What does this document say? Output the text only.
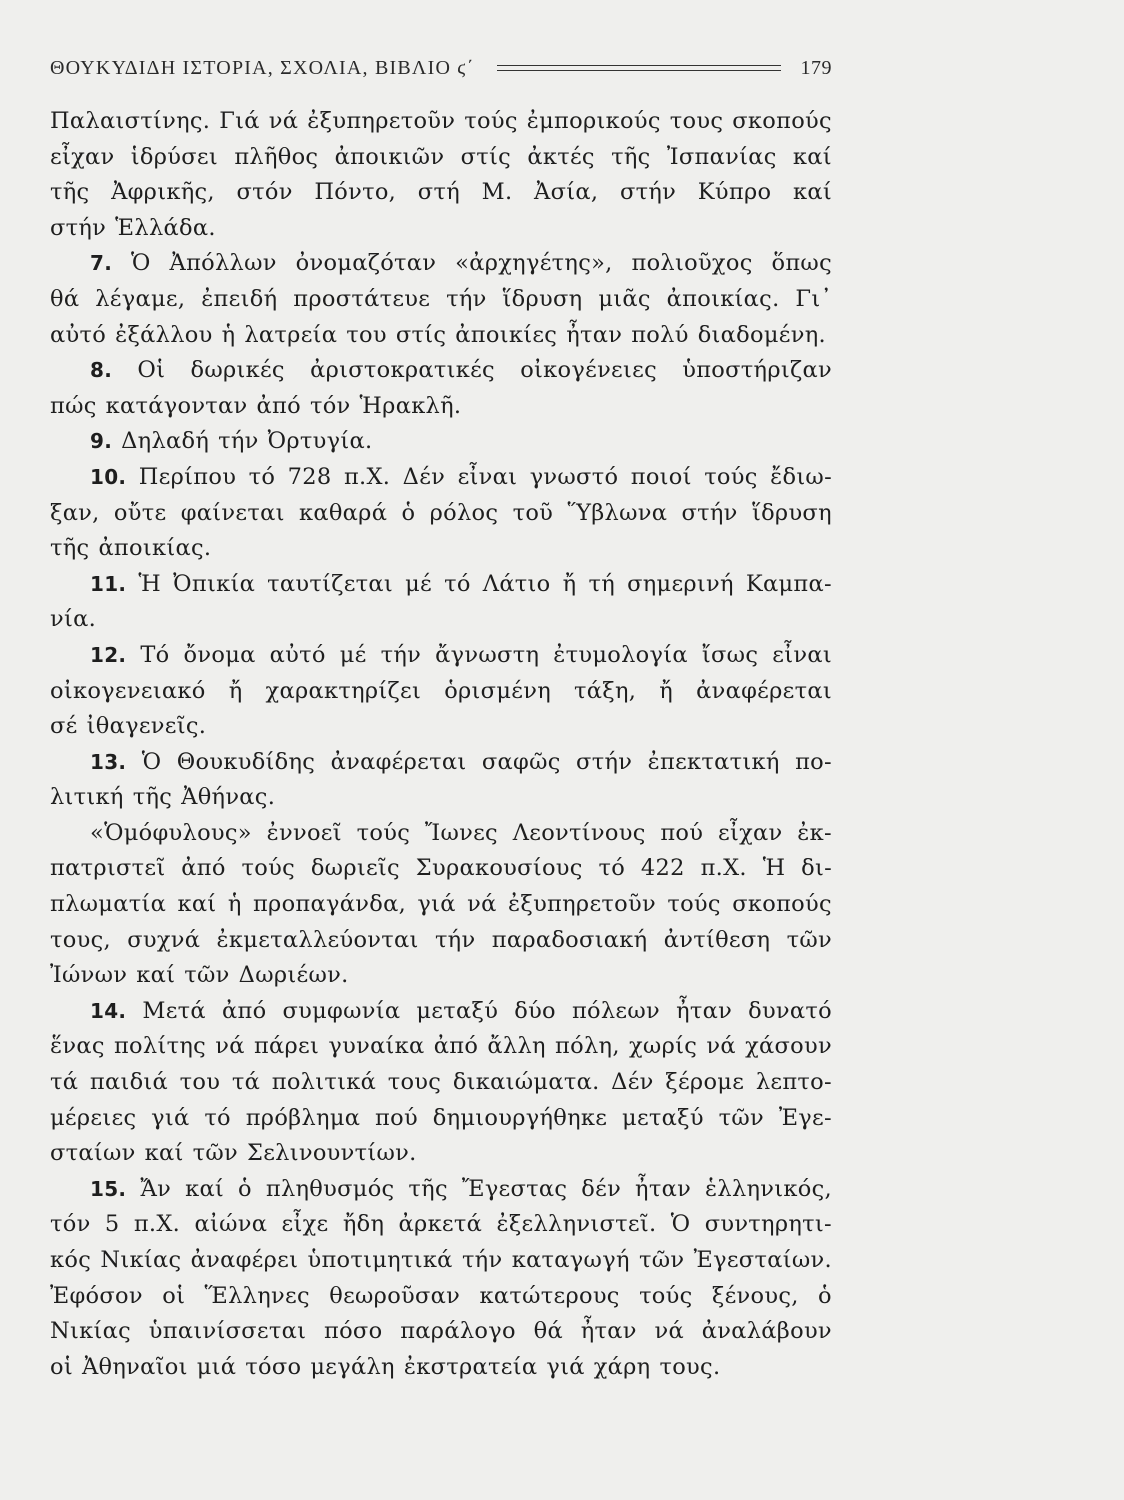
ΘΟΥΚΥΔΙΔΗ ΙΣΤΟΡΙΑ, ΣΧΟΛΙΑ, ΒΙΒΛΙΟ ϛ΄	179
Παλαιστίνης. Γιά νά ἐξυπηρετοῦν τούς ἐμπορικούς τους σκοπούς
εἶχαν ἱδρύσει πλῆθος ἀποικιῶν στίς ἀκτές τῆς Ἰσπανίας καί
τῆς Ἀφρικῆς, στόν Πόντο, στή Μ. Ἀσία, στήν Κύπρο καί
στήν
Ἑλλάδα.
7. Ὁ Ἀπόλλων ὀνομαζόταν «ἀρχηγέτης», πολιοῦχος ὅπως
θά λέγαμε, ἐπειδή προστάτευε τήν ἵδρυση μιᾶς ἀποικίας. Γι᾿
αὐτό
ἐξάλλου
ἡ
λατρεία
του
στίς
ἀποικίες
ἦταν
πολύ
διαδομένη.
8. Οἱ δωρικές ἀριστοκρατικές οἰκογένειες ὑποστήριζαν
πώς
κατάγονταν
ἀπό
τόν
Ἡρακλῆ.
9.
Δηλαδή
τήν
Ὀρτυγία.
10. Περίπου τό 728 π.Χ. Δέν εἶναι γνωστό ποιοί τούς ἔδιω-
ξαν, οὔτε φαίνεται καθαρά ὁ ρόλος τοῦ Ὕβλωνα στήν ἵδρυση
τῆς
ἀποικίας.
11. Ἡ Ὀπικία ταυτίζεται μέ τό Λάτιο ἤ τή σημερινή Καμπα-
νία.
12. Τό ὄνομα αὐτό μέ τήν ἄγνωστη ἐτυμολογία ἴσως εἶναι
οἰκογενειακό ἤ χαρακτηρίζει ὁρισμένη τάξη, ἤ ἀναφέρεται
σέ
ἰθαγενεῖς.
13. Ὁ Θουκυδίδης ἀναφέρεται σαφῶς στήν ἐπεκτατική πο-
λιτική
τῆς
Ἀθήνας.
«Ὁμόφυλους» ἐννοεῖ τούς Ἴωνες Λεοντίνους πού εἶχαν ἐκ-
πατριστεῖ ἀπό τούς δωριεῖς Συρακουσίους τό 422 π.Χ. Ἡ δι-
πλωματία καί ἡ προπαγάνδα, γιά νά ἐξυπηρετοῦν τούς σκοπούς
τους, συχνά ἐκμεταλλεύονται τήν παραδοσιακή ἀντίθεση τῶν
Ἰώνων
καί
τῶν
Δωριέων.
14. Μετά ἀπό συμφωνία μεταξύ δύο πόλεων ἦταν δυνατό
ἕνας πολίτης νά πάρει γυναίκα ἀπό ἄλλη πόλη, χωρίς νά χάσουν
τά παιδιά του τά πολιτικά τους δικαιώματα. Δέν ξέρομε λεπτο-
μέρειες γιά τό πρόβλημα πού δημιουργήθηκε μεταξύ τῶν Ἐγε-
σταίων
καί
τῶν
Σελινουντίων.
15. Ἄν καί ὁ πληθυσμός τῆς Ἔγεστας δέν ἦταν ἑλληνικός,
τόν 5 π.Χ. αἰώνα εἶχε ἤδη ἀρκετά ἐξελληνιστεῖ. Ὁ συντηρητι-
κός Νικίας ἀναφέρει ὑποτιμητικά τήν καταγωγή τῶν Ἐγεσταίων.
Ἐφόσον οἱ Ἕλληνες θεωροῦσαν κατώτερους τούς ξένους, ὁ
Νικίας ὑπαινίσσεται πόσο παράλογο θά ἦταν νά ἀναλάβουν
οἱ
Ἀθηναῖοι
μιά
τόσο
μεγάλη
ἐκστρατεία
γιά
χάρη
τους.
